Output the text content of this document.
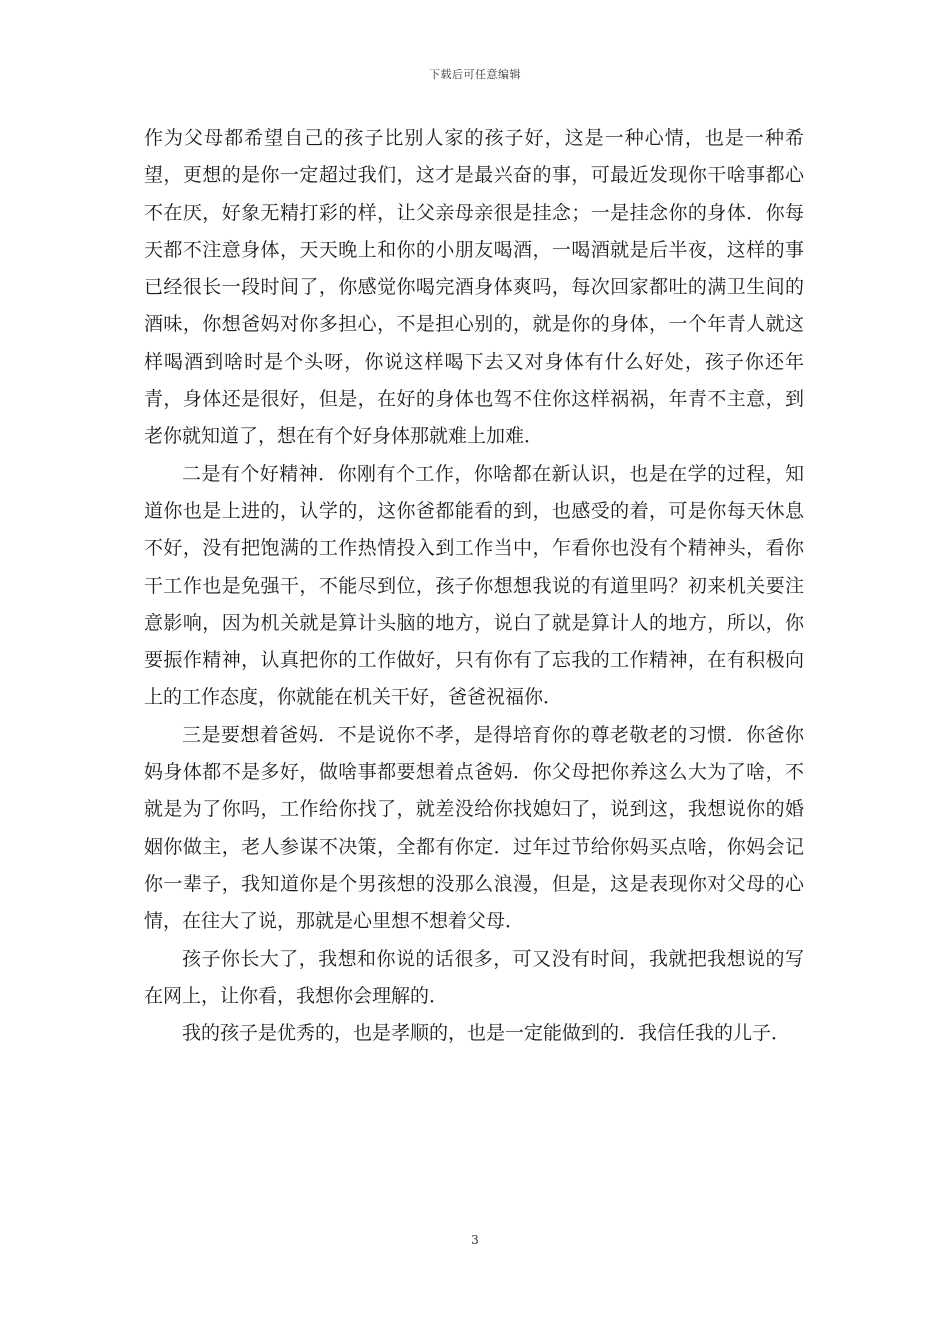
下载后可任意编辑

作为父母都希望自己的孩子比别人家的孩子好，这是一种心情，也是一种希望，更想的是你一定超过我们，这才是最兴奋的事，可最近发现你干啥事都心不在厌，好象无精打彩的样，让父亲母亲很是挂念；一是挂念你的身体．你每天都不注意身体，天天晚上和你的小朋友喝酒，一喝酒就是后半夜，这样的事已经很长一段时间了，你感觉你喝完酒身体爽吗，每次回家都吐的满卫生间的酒味，你想爸妈对你多担心，不是担心别的，就是你的身体，一个年青人就这样喝酒到啥时是个头呀，你说这样喝下去又对身体有什么好处，孩子你还年青，身体还是很好，但是，在好的身体也驾不住你这样祸祸，年青不主意，到老你就知道了，想在有个好身体那就难上加难．

二是有个好精神．你刚有个工作，你啥都在新认识，也是在学的过程，知道你也是上进的，认学的，这你爸都能看的到，也感受的着，可是你每天休息不好，没有把饱满的工作热情投入到工作当中，乍看你也没有个精神头，看你干工作也是免强干，不能尽到位，孩子你想想我说的有道里吗？初来机关要注意影响，因为机关就是算计头脑的地方，说白了就是算计人的地方，所以，你要振作精神，认真把你的工作做好，只有你有了忘我的工作精神，在有积极向上的工作态度，你就能在机关干好，爸爸祝福你．

三是要想着爸妈．不是说你不孝，是得培育你的尊老敬老的习惯．你爸你妈身体都不是多好，做啥事都要想着点爸妈．你父母把你养这么大为了啥，不就是为了你吗，工作给你找了，就差没给你找媳妇了，说到这，我想说你的婚姻你做主，老人参谋不决策，全都有你定．过年过节给你妈买点啥，你妈会记你一辈子，我知道你是个男孩想的没那么浪漫，但是，这是表现你对父母的心情，在往大了说，那就是心里想不想着父母．

孩子你长大了，我想和你说的话很多，可又没有时间，我就把我想说的写在网上，让你看，我想你会理解的．

我的孩子是优秀的，也是孝顺的，也是一定能做到的．我信任我的儿子．

3
